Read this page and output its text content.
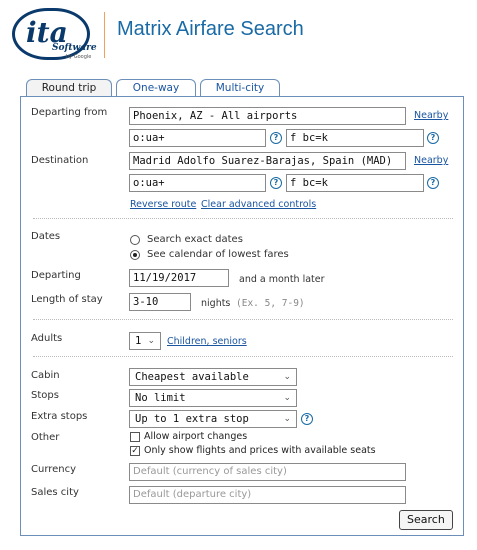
ita
Software
by Google
Matrix Airfare Search
Round trip	One-way	Multi-city
Departing from	Phoenix, AZ - All airports	Nearby
o:ua+	?	f bc=k	?
Destination	Madrid Adolfo Suarez-Barajas, Spain (MAD)	Nearby
o:ua+	?	f bc=k	?
Reverse route Clear advanced controls
Dates	Search exact dates
See calendar of lowest fares
Departing	11/19/2017	and a month later
Length of stay	3-10	nights (Ex. 5, 7-9)
Adults	1 ⌄ Children, seniors
Cabin	Cheapest available	⌄
Stops	No limit	⌄
Extra stops	Up to 1 extra stop	⌄	?
Other	Allow airport changes
✓ Only show flights and prices with available seats
Currency	Default (currency of sales city)
Sales city	Default (departure city)
Search
